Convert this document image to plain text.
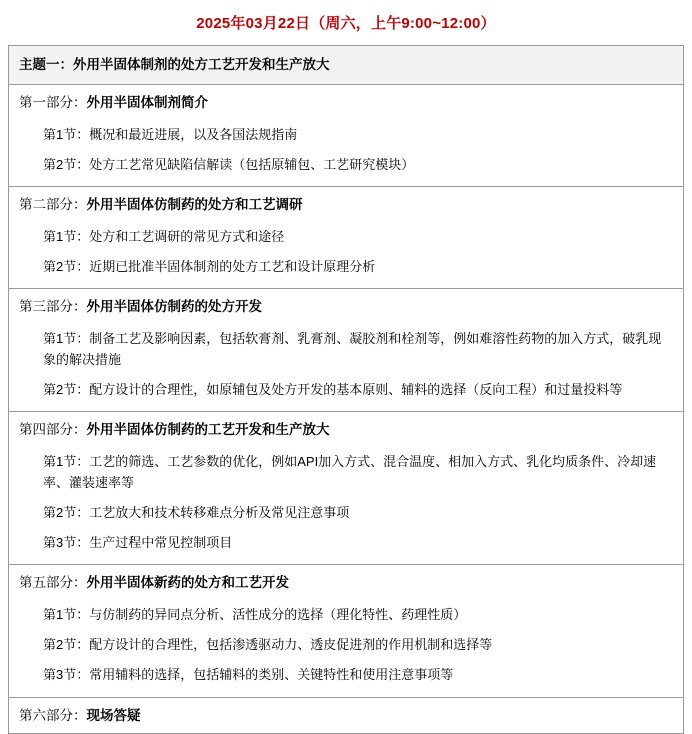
2025年03月22日（周六，上午9:00~12:00）
主题一：外用半固体制剂的处方工艺开发和生产放大
第一部分：外用半固体制剂简介
第1节：概况和最近进展，以及各国法规指南
第2节：处方工艺常见缺陷信解读（包括原辅包、工艺研究模块）
第二部分：外用半固体仿制药的处方和工艺调研
第1节：处方和工艺调研的常见方式和途径
第2节：近期已批准半固体制剂的处方工艺和设计原理分析
第三部分：外用半固体仿制药的处方开发
第1节：制备工艺及影响因素，包括软膏剂、乳膏剂、凝胶剂和栓剂等，例如难溶性药物的加入方式，破乳现象的解决措施
第2节：配方设计的合理性，如原辅包及处方开发的基本原则、辅料的选择（反向工程）和过量投料等
第四部分：外用半固体仿制药的工艺开发和生产放大
第1节：工艺的筛选、工艺参数的优化，例如API加入方式、混合温度、相加入方式、乳化均质条件、冷却速率、灌装速率等
第2节：工艺放大和技术转移难点分析及常见注意事项
第3节：生产过程中常见控制项目
第五部分：外用半固体新药的处方和工艺开发
第1节：与仿制药的异同点分析、活性成分的选择（理化特性、药理性质）
第2节：配方设计的合理性，包括渗透驱动力、透皮促进剂的作用机制和选择等
第3节：常用辅料的选择，包括辅料的类别、关键特性和使用注意事项等
第六部分：现场答疑
